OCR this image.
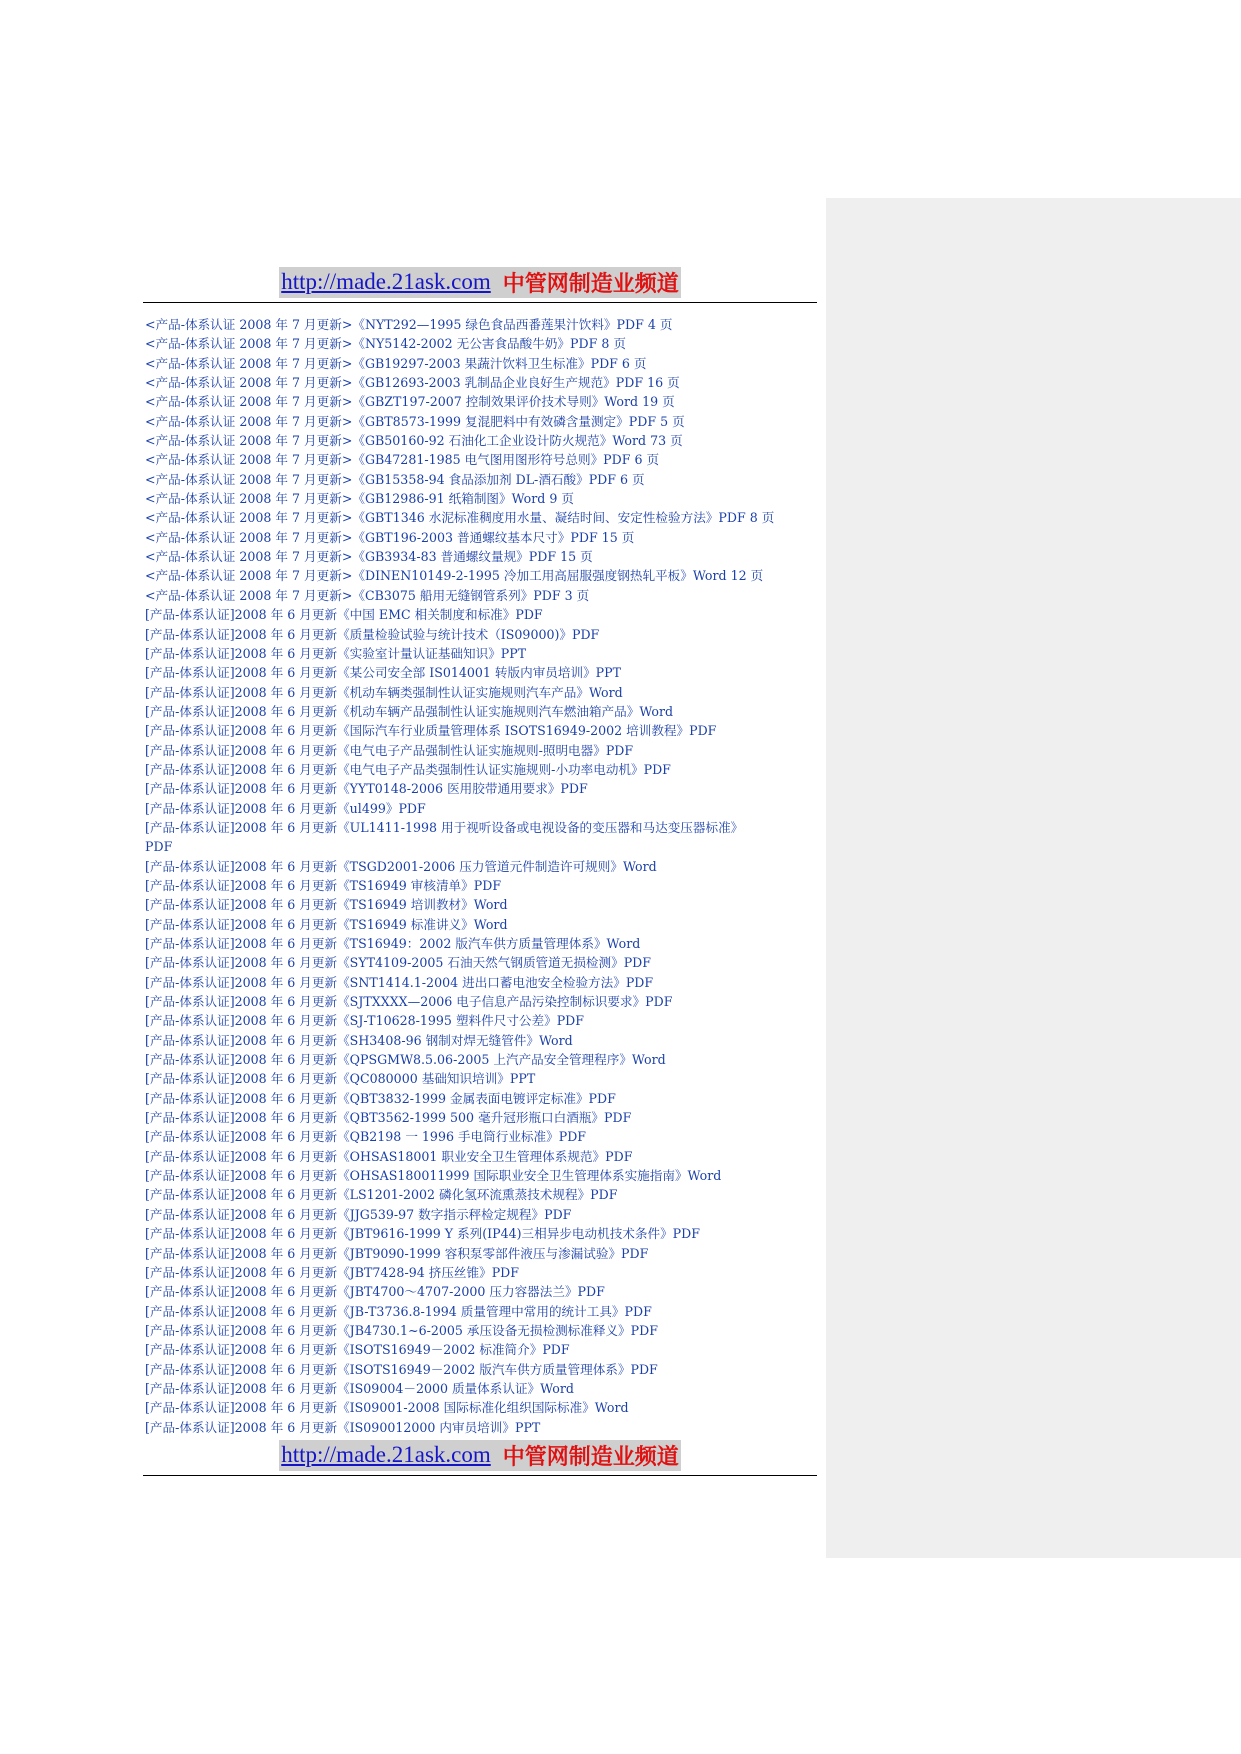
http://made.21ask.com 中管网制造业频道
<产品-体系认证 2008 年 7 月更新>《NYT292—1995 绿色食品西番莲果汁饮料》PDF 4 页
<产品-体系认证 2008 年 7 月更新>《NY5142-2002 无公害食品酸牛奶》PDF 8 页
<产品-体系认证 2008 年 7 月更新>《GB19297-2003 果蔬汁饮料卫生标准》PDF 6 页
<产品-体系认证 2008 年 7 月更新>《GB12693-2003 乳制品企业良好生产规范》PDF 16 页
<产品-体系认证 2008 年 7 月更新>《GBZT197-2007 控制效果评价技术导则》Word 19 页
<产品-体系认证 2008 年 7 月更新>《GBT8573-1999 复混肥料中有效磷含量测定》PDF 5 页
<产品-体系认证 2008 年 7 月更新>《GB50160-92 石油化工企业设计防火规范》Word 73 页
<产品-体系认证 2008 年 7 月更新>《GB47281-1985 电气图用图形符号总则》PDF 6 页
<产品-体系认证 2008 年 7 月更新>《GB15358-94 食品添加剂 DL-酒石酸》PDF 6 页
<产品-体系认证 2008 年 7 月更新>《GB12986-91 纸箱制图》Word 9 页
<产品-体系认证 2008 年 7 月更新>《GBT1346 水泥标准稠度用水量、凝结时间、安定性检验方法》PDF 8 页
<产品-体系认证 2008 年 7 月更新>《GBT196-2003 普通螺纹基本尺寸》PDF 15 页
<产品-体系认证 2008 年 7 月更新>《GB3934-83 普通螺纹量规》PDF 15 页
<产品-体系认证 2008 年 7 月更新>《DINEN10149-2-1995 冷加工用高屈服强度钢热轧平板》Word 12 页
<产品-体系认证 2008 年 7 月更新>《CB3075 船用无缝钢管系列》PDF 3 页
[产品-体系认证]2008 年 6 月更新《中国 EMC 相关制度和标准》PDF
[产品-体系认证]2008 年 6 月更新《质量检验试验与统计技术（IS09000)》PDF
[产品-体系认证]2008 年 6 月更新《实验室计量认证基础知识》PPT
[产品-体系认证]2008 年 6 月更新《某公司安全部 IS014001 转版内审员培训》PPT
[产品-体系认证]2008 年 6 月更新《机动车辆类强制性认证实施规则汽车产品》Word
[产品-体系认证]2008 年 6 月更新《机动车辆产品强制性认证实施规则汽车燃油箱产品》Word
[产品-体系认证]2008 年 6 月更新《国际汽车行业质量管理体系 ISOTS16949-2002 培训教程》PDF
[产品-体系认证]2008 年 6 月更新《电气电子产品强制性认证实施规则-照明电器》PDF
[产品-体系认证]2008 年 6 月更新《电气电子产品类强制性认证实施规则-小功率电动机》PDF
[产品-体系认证]2008 年 6 月更新《YYT0148-2006 医用胶带通用要求》PDF
[产品-体系认证]2008 年 6 月更新《ul499》PDF
[产品-体系认证]2008 年 6 月更新《UL1411-1998 用于视听设备或电视设备的变压器和马达变压器标准》
PDF
[产品-体系认证]2008 年 6 月更新《TSGD2001-2006 压力管道元件制造许可规则》Word
[产品-体系认证]2008 年 6 月更新《TS16949 审核清单》PDF
[产品-体系认证]2008 年 6 月更新《TS16949 培训教材》Word
[产品-体系认证]2008 年 6 月更新《TS16949 标准讲义》Word
[产品-体系认证]2008 年 6 月更新《TS16949：2002 版汽车供方质量管理体系》Word
[产品-体系认证]2008 年 6 月更新《SYT4109-2005 石油天然气钢质管道无损检测》PDF
[产品-体系认证]2008 年 6 月更新《SNT1414.1-2004 进出口蓄电池安全检验方法》PDF
[产品-体系认证]2008 年 6 月更新《SJTXXXX—2006 电子信息产品污染控制标识要求》PDF
[产品-体系认证]2008 年 6 月更新《SJ-T10628-1995 塑料件尺寸公差》PDF
[产品-体系认证]2008 年 6 月更新《SH3408-96 钢制对焊无缝管件》Word
[产品-体系认证]2008 年 6 月更新《QPSGMW8.5.06-2005 上汽产品安全管理程序》Word
[产品-体系认证]2008 年 6 月更新《QC080000 基础知识培训》PPT
[产品-体系认证]2008 年 6 月更新《QBT3832-1999 金属表面电镀评定标准》PDF
[产品-体系认证]2008 年 6 月更新《QBT3562-1999 500 毫升冠形瓶口白酒瓶》PDF
[产品-体系认证]2008 年 6 月更新《QB2198 一 1996 手电筒行业标准》PDF
[产品-体系认证]2008 年 6 月更新《OHSAS18001 职业安全卫生管理体系规范》PDF
[产品-体系认证]2008 年 6 月更新《OHSAS180011999 国际职业安全卫生管理体系实施指南》Word
[产品-体系认证]2008 年 6 月更新《LS1201-2002 磷化氢环流熏蒸技术规程》PDF
[产品-体系认证]2008 年 6 月更新《JJG539-97 数字指示秤检定规程》PDF
[产品-体系认证]2008 年 6 月更新《JBT9616-1999 Y 系列(IP44)三相异步电动机技术条件》PDF
[产品-体系认证]2008 年 6 月更新《JBT9090-1999 容积泵零部件液压与渗漏试验》PDF
[产品-体系认证]2008 年 6 月更新《JBT7428-94 挤压丝锥》PDF
[产品-体系认证]2008 年 6 月更新《JBT4700～4707-2000 压力容器法兰》PDF
[产品-体系认证]2008 年 6 月更新《JB-T3736.8-1994 质量管理中常用的统计工具》PDF
[产品-体系认证]2008 年 6 月更新《JB4730.1~6-2005 承压设备无损检测标准释义》PDF
[产品-体系认证]2008 年 6 月更新《ISOTS16949－2002 标准简介》PDF
[产品-体系认证]2008 年 6 月更新《ISOTS16949－2002 版汽车供方质量管理体系》PDF
[产品-体系认证]2008 年 6 月更新《IS09004－2000 质量体系认证》Word
[产品-体系认证]2008 年 6 月更新《IS09001-2008 国际标准化组织国际标准》Word
[产品-体系认证]2008 年 6 月更新《IS090012000 内审员培训》PPT
http://made.21ask.com 中管网制造业频道
